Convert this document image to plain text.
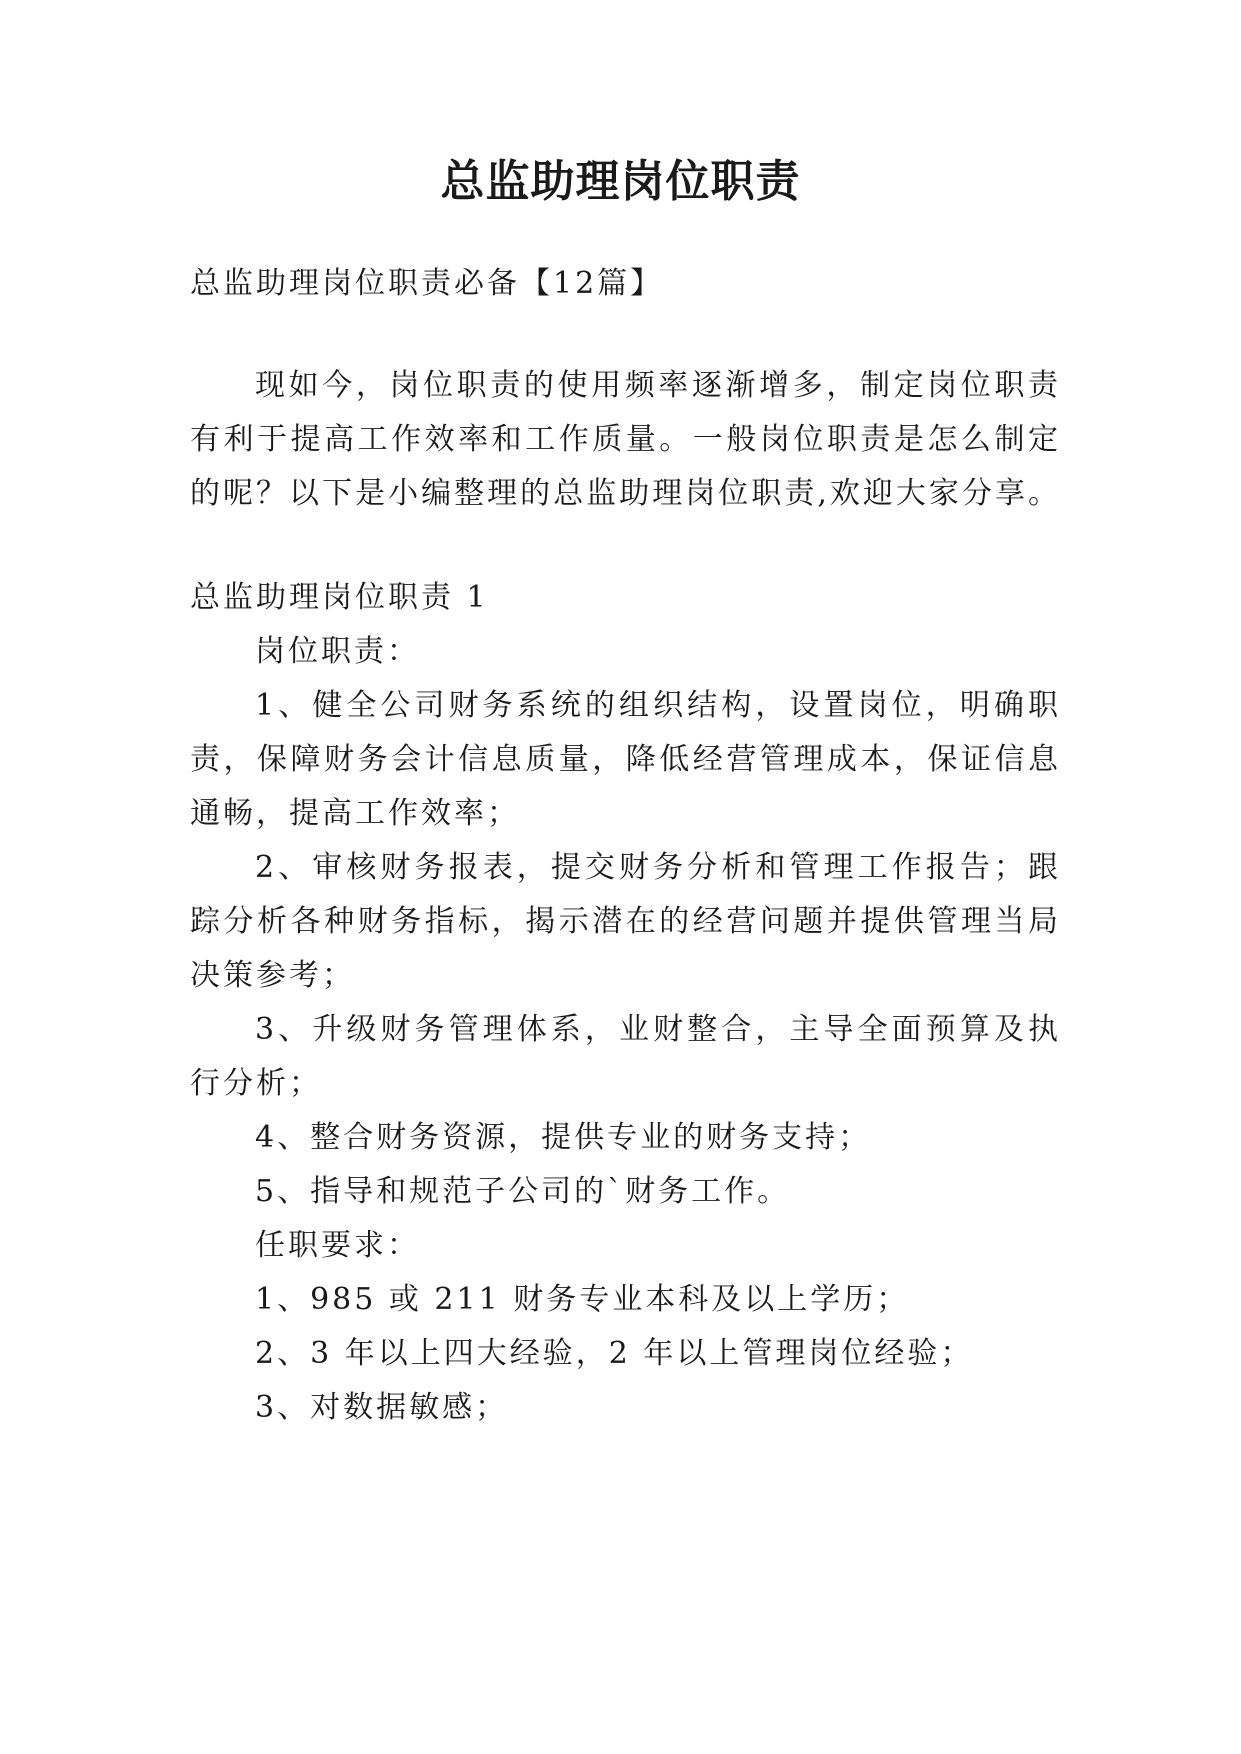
总监助理岗位职责
总监助理岗位职责必备【12篇】
现如今，岗位职责的使用频率逐渐增多，制定岗位职责
有利于提高工作效率和工作质量。一般岗位职责是怎么制定
的呢？以下是小编整理的总监助理岗位职责,欢迎大家分享。
总监助理岗位职责 1
岗位职责：
1、健全公司财务系统的组织结构，设置岗位，明确职
责，保障财务会计信息质量，降低经营管理成本，保证信息
通畅，提高工作效率；
2、审核财务报表，提交财务分析和管理工作报告；跟
踪分析各种财务指标，揭示潜在的经营问题并提供管理当局
决策参考；
3、升级财务管理体系，业财整合，主导全面预算及执
行分析；
4、整合财务资源，提供专业的财务支持；
5、指导和规范子公司的`财务工作。
任职要求：
1、985 或 211 财务专业本科及以上学历；
2、3 年以上四大经验，2 年以上管理岗位经验；
3、对数据敏感；
